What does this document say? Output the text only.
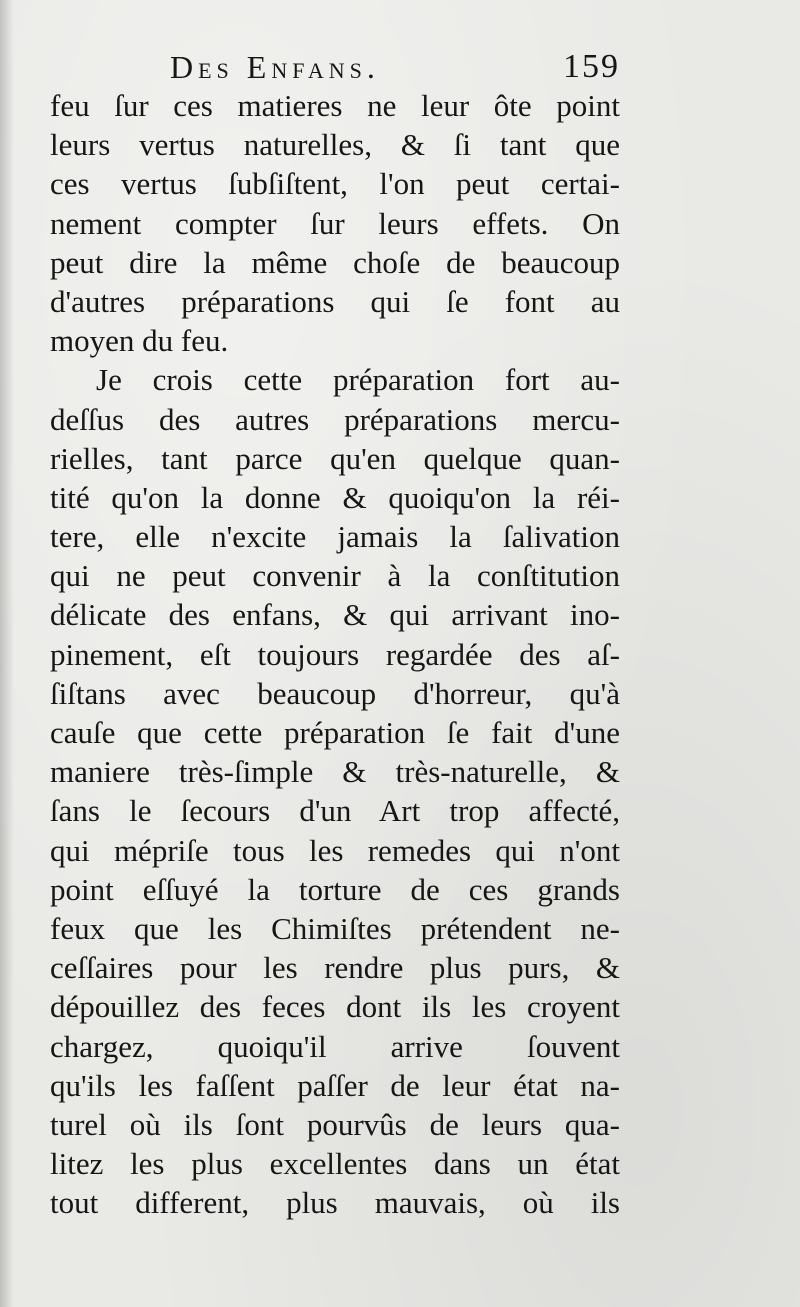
Des Enfans.	159
feu ſur ces matieres ne leur ôte point
leurs vertus naturelles, & ſi tant que
ces vertus ſubſiſtent, l'on peut certai-
nement compter ſur leurs effets. On
peut dire la même choſe de beaucoup
d'autres préparations qui ſe font au
moyen du feu.
Je crois cette préparation fort au-
deſſus des autres préparations mercu-
rielles, tant parce qu'en quelque quan-
tité qu'on la donne & quoiqu'on la réi-
tere, elle n'excite jamais la ſalivation
qui ne peut convenir à la conſtitution
délicate des enfans, & qui arrivant ino-
pinement, eſt toujours regardée des aſ-
ſiſtans avec beaucoup d'horreur, qu'à
cauſe que cette préparation ſe fait d'une
maniere très-ſimple & très-naturelle, &
ſans le ſecours d'un Art trop affecté,
qui mépriſe tous les remedes qui n'ont
point eſſuyé la torture de ces grands
feux que les Chimiſtes prétendent ne-
ceſſaires pour les rendre plus purs, &
dépouillez des feces dont ils les croyent
chargez, quoiqu'il arrive ſouvent
qu'ils les faſſent paſſer de leur état na-
turel où ils ſont pourvûs de leurs qua-
litez les plus excellentes dans un état
tout different, plus mauvais, où ils
